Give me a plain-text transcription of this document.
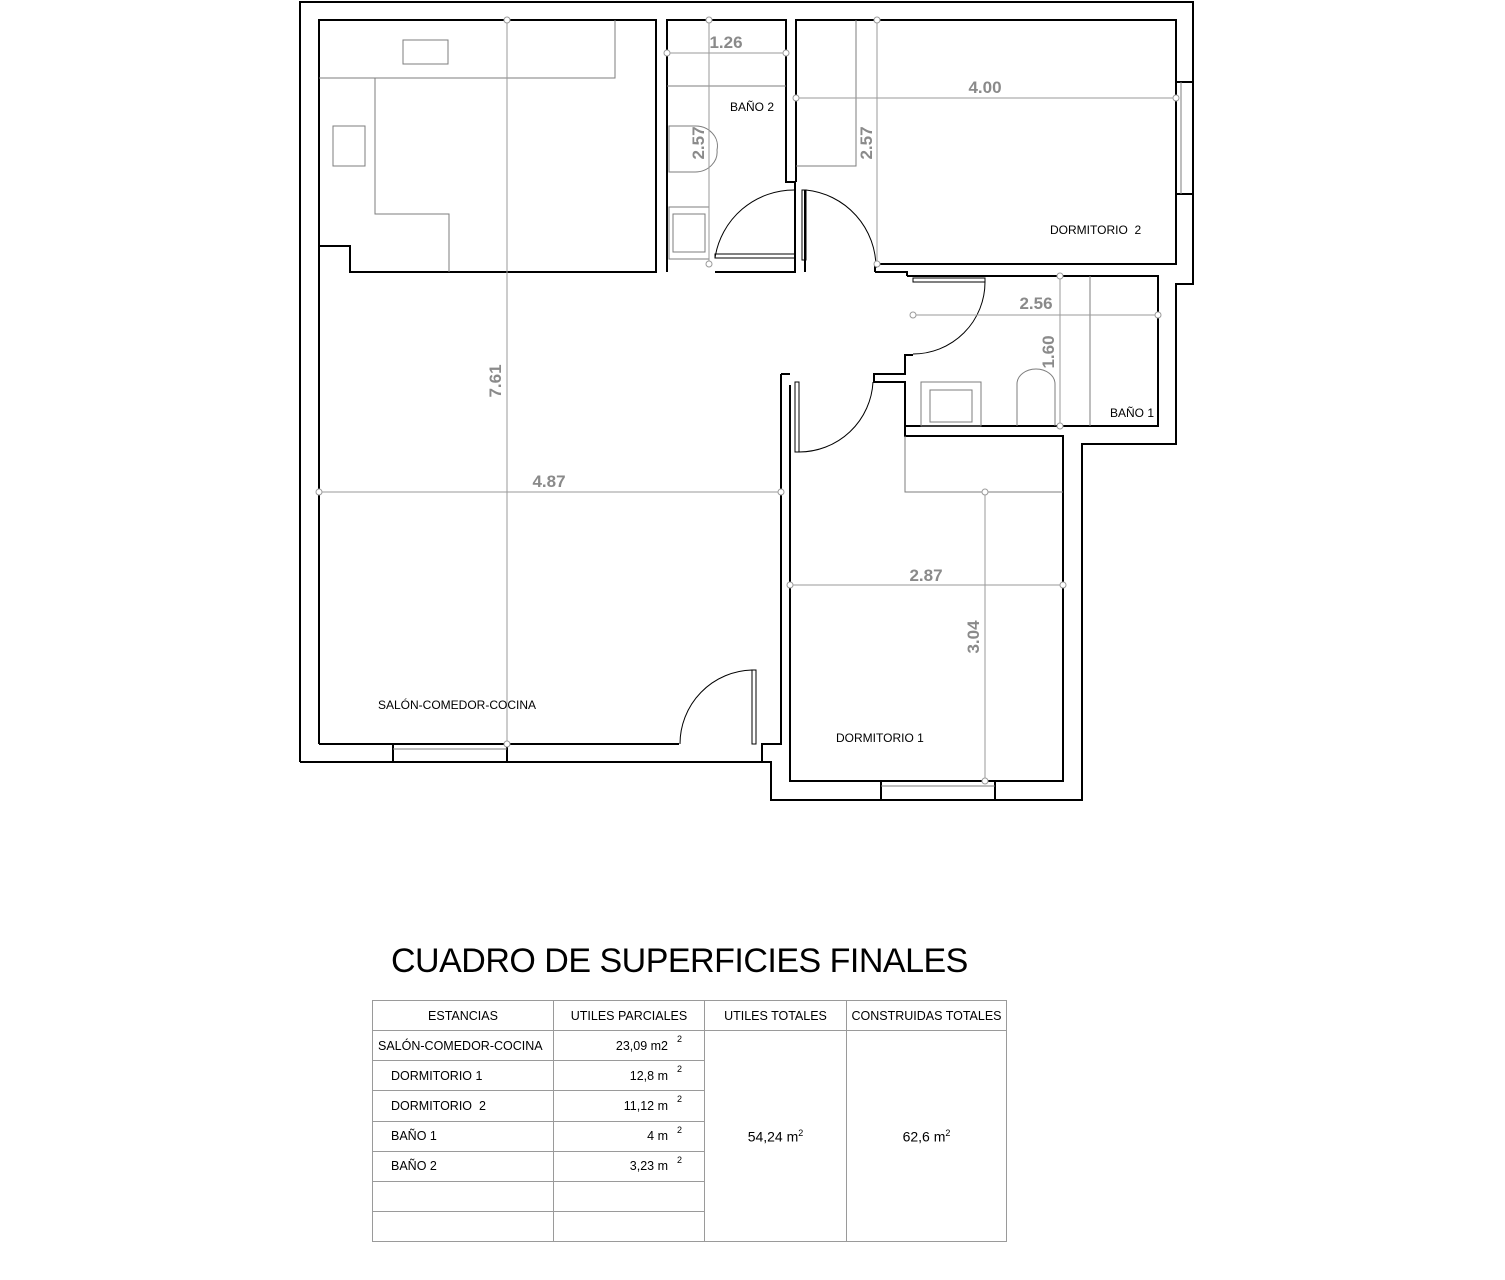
7.61
4.87
1.26
2.57
4.00
2.57
2.56
1.60
2.87
3.04
SALÓN-COMEDOR-COCINA
DORMITORIO 1
DORMITORIO  2
BAÑO 1
BAÑO 2
CUADRO DE SUPERFICIES FINALES
ESTANCIAS	UTILES PARCIALES	UTILES TOTALES	CONSTRUIDAS TOTALES
SALÓN-COMEDOR-COCINA	23,09 m2 2	54,24 $m^2$	62,6 $m^2$
DORMITORIO 1	12,8 m 2		

DORMITORIO  2	11,12 m 2		

BAÑO 1	4 m 2		

BAÑO 2	3,23 m 2		
